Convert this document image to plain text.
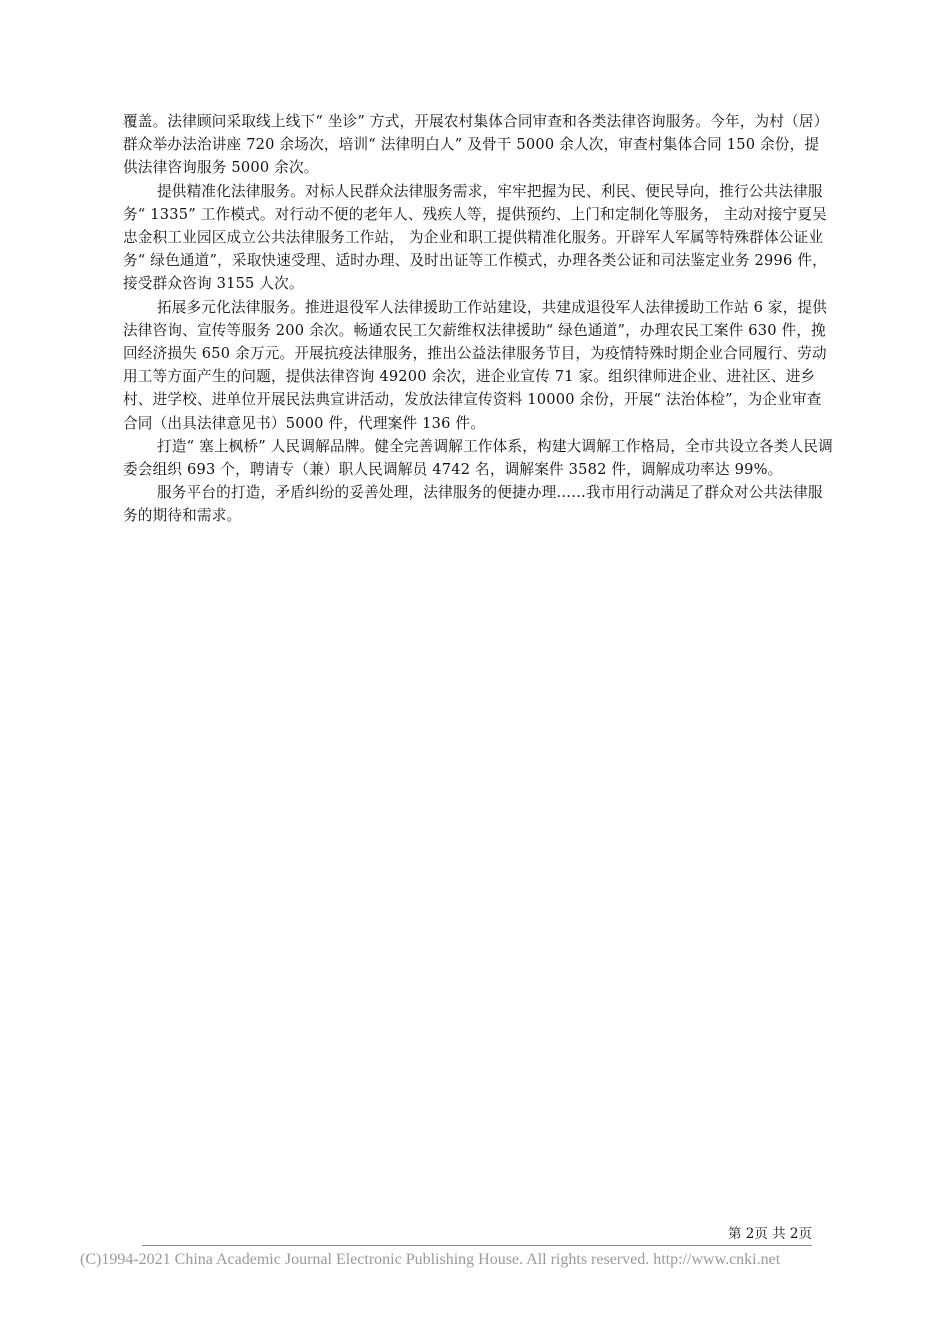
覆盖。法律顾问采取线上线下“ 坐诊” 方式，开展农村集体合同审查和各类法律咨询服务。今年，为村（居）群众举办法治讲座 720 余场次，培训“ 法律明白人” 及骨干 5000 余人次，审查村集体合同 150 余份，提供法律咨询服务 5000 余次。

提供精准化法律服务。对标人民群众法律服务需求，牢牢把握为民、利民、便民导向，推行公共法律服务“ 1335” 工作模式。对行动不便的老年人、残疾人等，提供预约、上门和定制化等服务， 主动对接宁夏吴忠金积工业园区成立公共法律服务工作站， 为企业和职工提供精准化服务。开辟军人军属等特殊群体公证业务“ 绿色通道”，采取快速受理、适时办理、及时出证等工作模式，办理各类公证和司法鉴定业务 2996 件，接受群众咨询 3155 人次。

拓展多元化法律服务。推进退役军人法律援助工作站建设，共建成退役军人法律援助工作站 6 家，提供法律咨询、宣传等服务 200 余次。畅通农民工欠薪维权法律援助“ 绿色通道”，办理农民工案件 630 件，挽回经济损失 650 余万元。开展抗疫法律服务，推出公益法律服务节目，为疫情特殊时期企业合同履行、劳动用工等方面产生的问题，提供法律咨询 49200 余次，进企业宣传 71 家。组织律师进企业、进社区、进乡村、进学校、进单位开展民法典宣讲活动，发放法律宣传资料 10000 余份，开展“ 法治体检”，为企业审查合同（出具法律意见书）5000 件，代理案件 136 件。

打造“ 塞上枫桥” 人民调解品牌。健全完善调解工作体系，构建大调解工作格局，全市共设立各类人民调委会组织 693 个，聘请专（兼）职人民调解员 4742 名，调解案件 3582 件，调解成功率达 99%。

服务平台的打造，矛盾纠纷的妥善处理，法律服务的便捷办理……我市用行动满足了群众对公共法律服务的期待和需求。

第 2页 共 2页
(C)1994-2021 China Academic Journal Electronic Publishing House. All rights reserved. http://www.cnki.net
